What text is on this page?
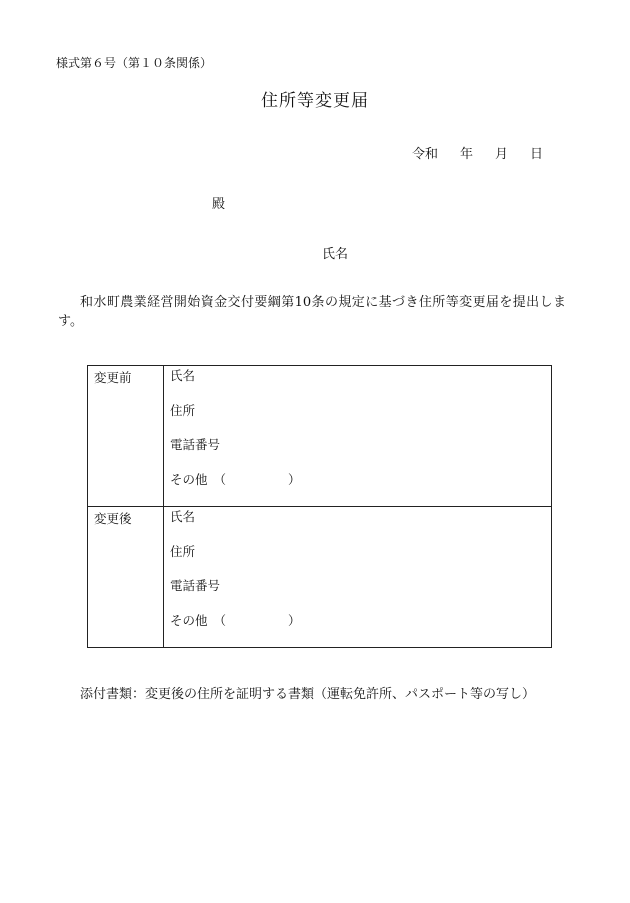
様式第６号（第１０条関係）
住所等変更届
令和 年 月 日
殿
氏名
和水町農業経営開始資金交付要綱第10条の規定に基づき住所等変更届を提出します。
変更前	氏名
住所
電話番号
その他 （ ）

変更後	氏名
住所
電話番号
その他 （ ）
添付書類：変更後の住所を証明する書類（運転免許所、パスポート等の写し）
